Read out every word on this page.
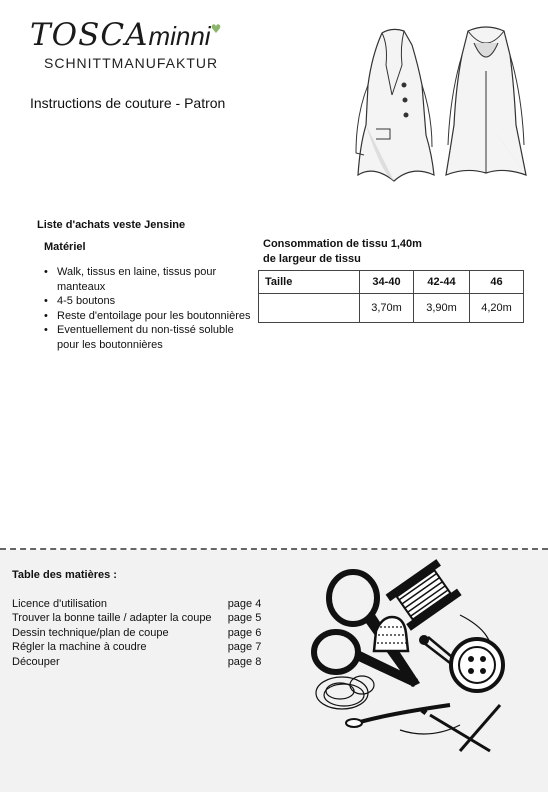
TOSCAminni♥
SCHNITTMANUFAKTUR
Instructions de couture - Patron
Liste d'achats veste Jensine
Matériel
• Walk, tissus en laine, tissus pour manteaux
• 4-5 boutons
• Reste d'entoilage pour les boutonnières
• Eventuellement du non-tissé soluble pour les boutonnières
Consommation de tissu 1,40m
de largeur de tissu
Taille	34-40	42-44	46
	3,70m	3,90m	4,20m
Table des matières :
Licence d'utilisation	page 4
Trouver la bonne taille / adapter la coupe	page 5
Dessin technique/plan de coupe	page 6
Régler la machine à coudre	page 7
Découper	page 8
